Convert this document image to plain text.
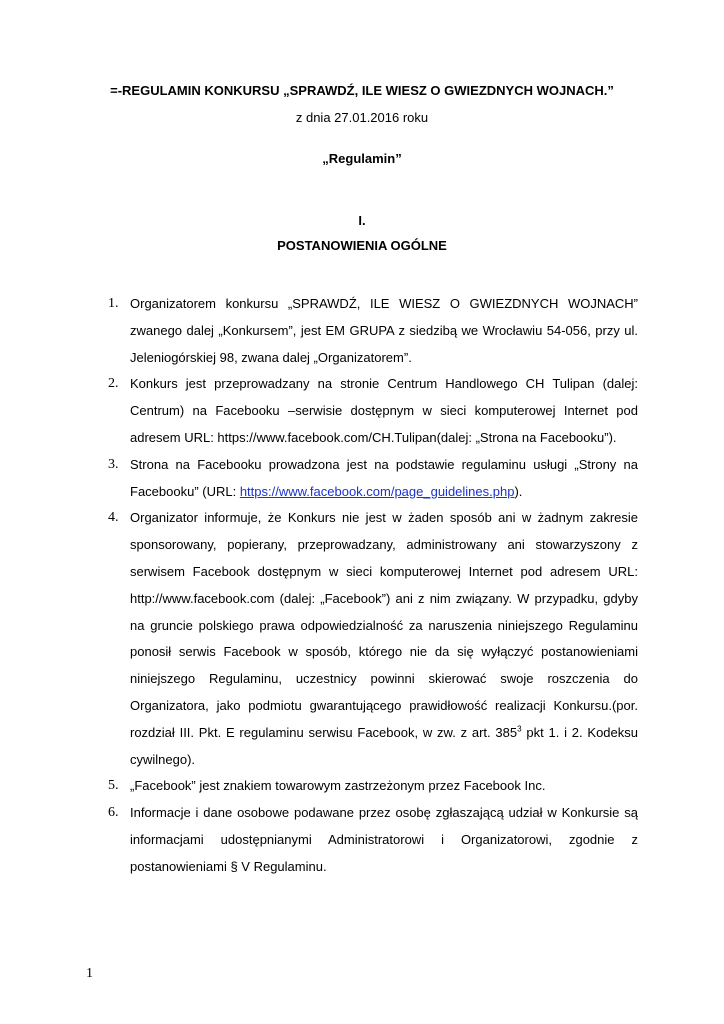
=-REGULAMIN KONKURSU „SPRAWDŹ, ILE WIESZ O GWIEZDNYCH WOJNACH.”
z dnia 27.01.2016 roku
„Regulamin”
I.
POSTANOWIENIA OGÓLNE
1. Organizatorem konkursu „SPRAWDŹ, ILE WIESZ O GWIEZDNYCH WOJNACH” zwanego dalej „Konkursem”, jest EM GRUPA z siedzibą we Wrocławiu 54-056, przy ul. Jeleniogórskiej 98, zwana dalej „Organizatorem”.
2. Konkurs jest przeprowadzany na stronie Centrum Handlowego CH Tulipan (dalej: Centrum) na Facebooku –serwisie dostępnym w sieci komputerowej Internet pod adresem URL: https://www.facebook.com/CH.Tulipan(dalej: „Strona na Facebooku”).
3. Strona na Facebooku prowadzona jest na podstawie regulaminu usługi „Strony na Facebooku” (URL: https://www.facebook.com/page_guidelines.php).
4. Organizator informuje, że Konkurs nie jest w żaden sposób ani w żadnym zakresie sponsorowany, popierany, przeprowadzany, administrowany ani stowarzyszony z serwisem Facebook dostępnym w sieci komputerowej Internet pod adresem URL: http://www.facebook.com (dalej: „Facebook”) ani z nim związany. W przypadku, gdyby na gruncie polskiego prawa odpowiedzialność za naruszenia niniejszego Regulaminu ponosił serwis Facebook w sposób, którego nie da się wyłączyć postanowieniami niniejszego Regulaminu, uczestnicy powinni skierować swoje roszczenia do Organizatora, jako podmiotu gwarantującego prawidłowość realizacji Konkursu.(por. rozdział III. Pkt. E regulaminu serwisu Facebook, w zw. z art. $385^3$ pkt 1. i 2. Kodeksu cywilnego).
5. „Facebook” jest znakiem towarowym zastrzeżonym przez Facebook Inc.
6. Informacje i dane osobowe podawane przez osobę zgłaszającą udział w Konkursie są informacjami udostępnianymi Administratorowi i Organizatorowi, zgodnie z postanowieniami § V Regulaminu.
1
